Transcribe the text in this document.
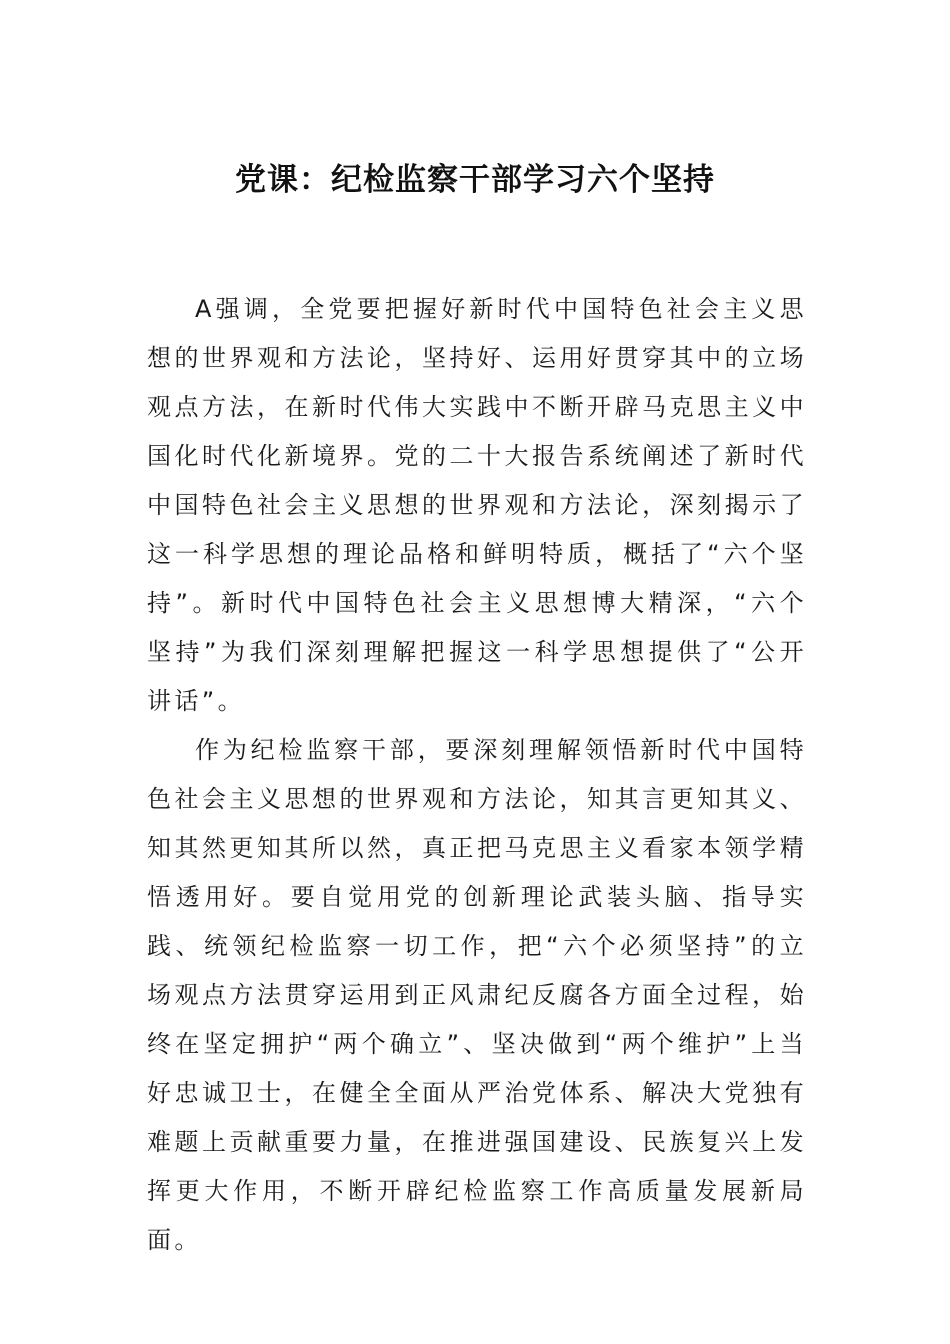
党课：纪检监察干部学习六个坚持

A强调，全党要把握好新时代中国特色社会主义思想的世界观和方法论，坚持好、运用好贯穿其中的立场观点方法，在新时代伟大实践中不断开辟马克思主义中国化时代化新境界。党的二十大报告系统阐述了新时代中国特色社会主义思想的世界观和方法论，深刻揭示了这一科学思想的理论品格和鲜明特质，概括了“六个坚持”。新时代中国特色社会主义思想博大精深，“六个坚持”为我们深刻理解把握这一科学思想提供了“公开讲话”。

作为纪检监察干部，要深刻理解领悟新时代中国特色社会主义思想的世界观和方法论，知其言更知其义、知其然更知其所以然，真正把马克思主义看家本领学精悟透用好。要自觉用党的创新理论武装头脑、指导实践、统领纪检监察一切工作，把“六个必须坚持”的立场观点方法贯穿运用到正风肃纪反腐各方面全过程，始终在坚定拥护“两个确立”、坚决做到“两个维护”上当好忠诚卫士，在健全全面从严治党体系、解决大党独有难题上贡献重要力量，在推进强国建设、民族复兴上发挥更大作用，不断开辟纪检监察工作高质量发展新局面。
